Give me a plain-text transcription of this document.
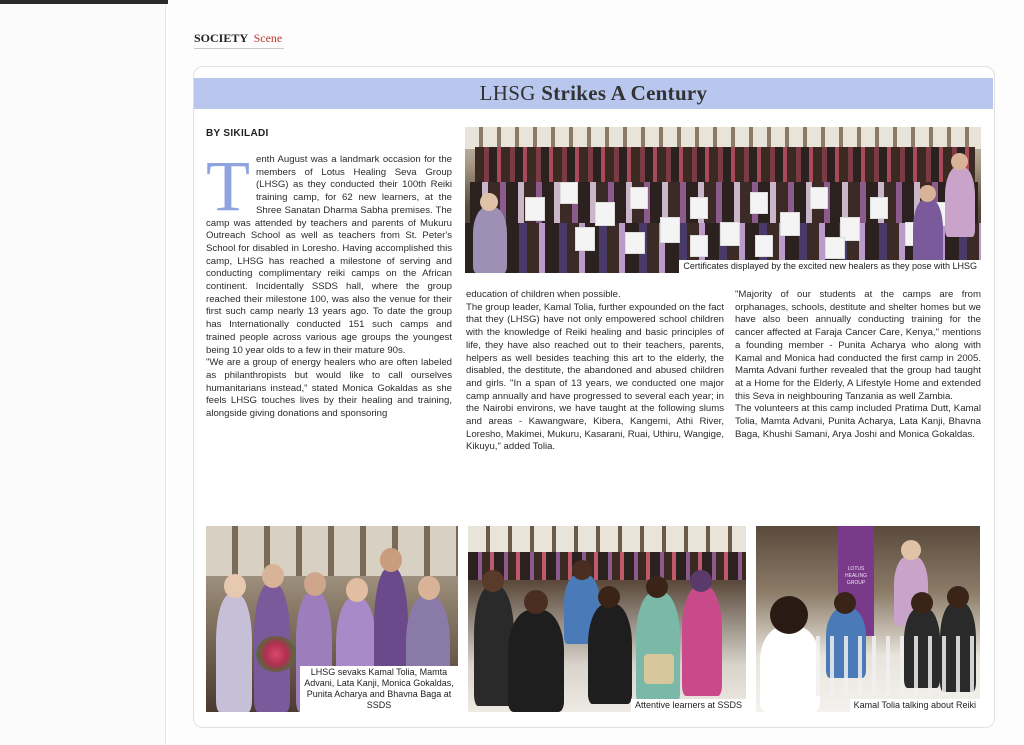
SOCIETY Scene
LHSG Strikes A Century
BY SIKILADI
Certificates displayed by the excited new healers as they pose with LHSG
T enth August was a landmark occasion for the members of Lotus Healing Seva Group (LHSG) as they conducted their 100th Reiki training camp, for 62 new learners, at the Shree Sanatan Dharma Sabha premises. The camp was attended by teachers and parents of Mukuru Outreach School as well as teachers from St. Peter's School for disabled in Loresho. Having accomplished this camp, LHSG has reached a milestone of serving and conducting complimentary reiki camps on the African continent. Incidentally SSDS hall, where the group reached their milestone 100, was also the venue for their first such camp nearly 13 years ago. To date the group has Internationally conducted 151 such camps and trained people across various age groups the youngest being 10 year olds to a few in their mature 90s.

"We are a group of energy healers who are often labeled as philanthropists but would like to call ourselves humanitarians instead," stated Monica Gokaldas as she feels LHSG touches lives by their healing and training, alongside giving donations and sponsoring

education of children when possible.

The group leader, Kamal Tolia, further expounded on the fact that they (LHSG) have not only empowered school children with the knowledge of Reiki healing and basic principles of life, they have also reached out to their teachers, parents, helpers as well besides teaching this art to the elderly, the disabled, the destitute, the abandoned and abused children and girls. "In a span of 13 years, we conducted one major camp annually and have progressed to several each year; in the Nairobi environs, we have taught at the following slums and areas - Kawangware, Kibera, Kangemi, Athi River, Loresho, Makimei, Mukuru, Kasarani, Ruai, Uthiru, Wangige, Kikuyu," added Tolia.

"Majority of our students at the camps are from orphanages, schools, destitute and shelter homes but we have also been annually conducting training for the cancer affected at Faraja Cancer Care, Kenya," mentions a founding member - Punita Acharya who along with Kamal and Monica had conducted the first camp in 2005. Mamta Advani further revealed that the group had taught at a Home for the Elderly, A Lifestyle Home and extended this Seva in neighbouring Tanzania as well Zambia.

The volunteers at this camp included Pratima Dutt, Kamal Tolia, Mamta Advani, Punita Acharya, Lata Kanji, Bhavna Baga, Khushi Samani, Arya Joshi and Monica Gokaldas.

LHSG sevaks Kamal Tolia, Mamta Advani, Lata Kanji, Monica Gokaldas, Punita Acharya and Bhavna Baga at SSDS	Attentive learners at SSDS
LOTUS HEALING GROUP
Kamal Tolia talking about Reiki
